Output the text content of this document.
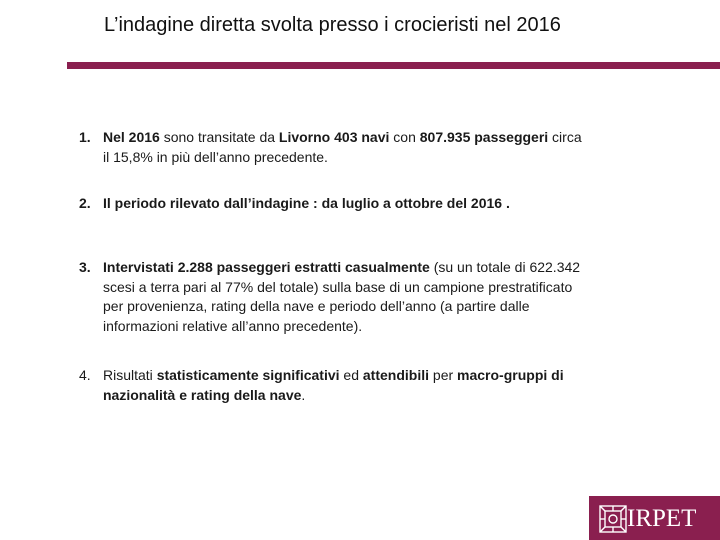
L’indagine diretta svolta presso i crocieristi nel 2016
1. Nel 2016 sono transitate da Livorno 403 navi con 807.935 passeggeri circa
il 15,8% in più dell’anno precedente.
2. Il periodo rilevato dall’indagine : da luglio a ottobre del 2016 .
3. Intervistati 2.288 passeggeri estratti casualmente (su un totale di 622.342
scesi a terra pari al 77% del totale) sulla base di un campione prestratificato
per provenienza, rating della nave e periodo dell’anno (a partire dalle
informazioni relative all’anno precedente).
4. Risultati statisticamente significativi ed attendibili per macro-gruppi di
nazionalità e rating della nave.
IRPET
